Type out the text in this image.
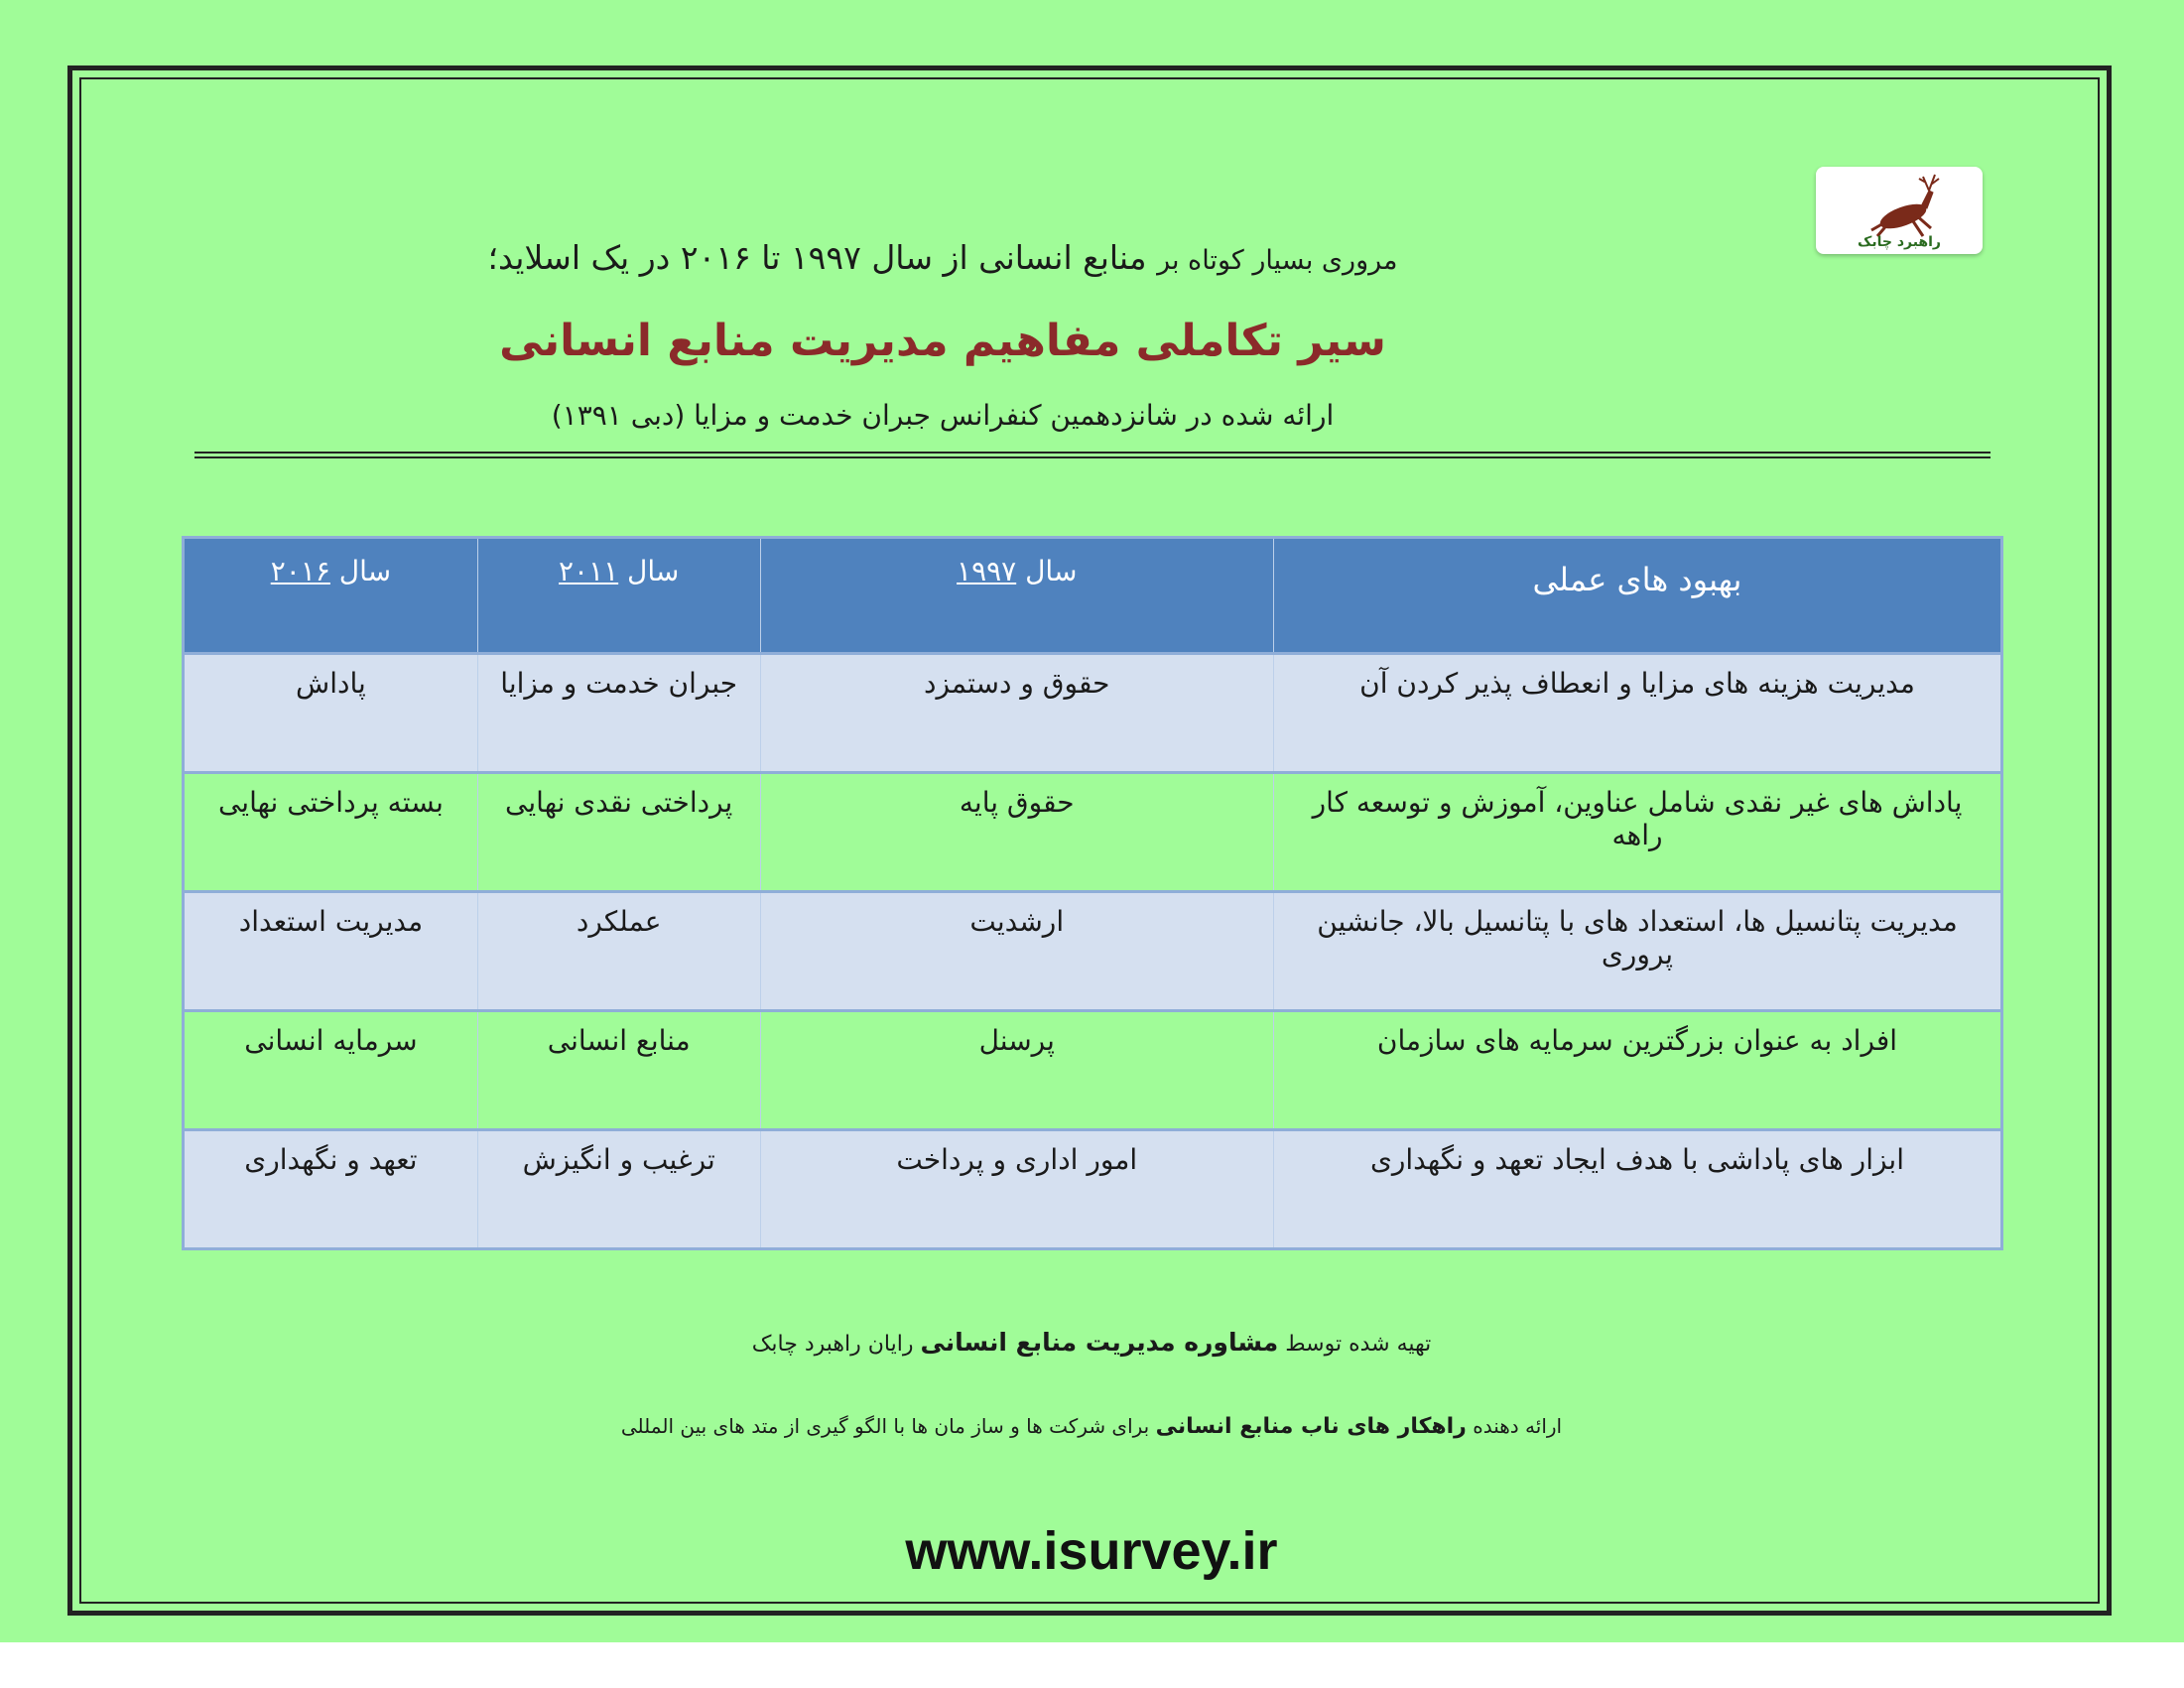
راهبرد چابک
مروری بسیار کوتاه بر منابع انسانی از سال ۱۹۹۷ تا ۲۰۱۶ در یک اسلاید؛
سیر تکاملی مفاهیم مدیریت منابع انسانی
ارائه شده در شانزدهمین کنفرانس جبران خدمت و مزایا (دبی ۱۳۹۱)
بهبود های عملی	سال ۱۹۹۷	سال ۲۰۱۱	سال ۲۰۱۶
مدیریت هزینه های مزایا و انعطاف پذیر کردن آن	حقوق و دستمزد	جبران خدمت و مزایا	پاداش
پاداش های غیر نقدی شامل عناوین، آموزش و توسعه کار راهه	حقوق پایه	پرداختی نقدی نهایی	بسته پرداختی نهایی
مدیریت پتانسیل ها، استعداد های با پتانسیل بالا، جانشین پروری	ارشدیت	عملکرد	مدیریت استعداد
افراد به عنوان بزرگترین سرمایه های سازمان	پرسنل	منابع انسانی	سرمایه انسانی
ابزار های پاداشی با هدف ایجاد تعهد و نگهداری	امور اداری و پرداخت	ترغیب و انگیزش	تعهد و نگهداری
تهیه شده توسط مشاوره مدیریت منابع انسانی رایان راهبرد چابک
ارائه دهنده راهکار های ناب منابع انسانی برای شرکت ها و ساز مان ها با الگو گیری از متد های بین المللی
www.isurvey.ir
